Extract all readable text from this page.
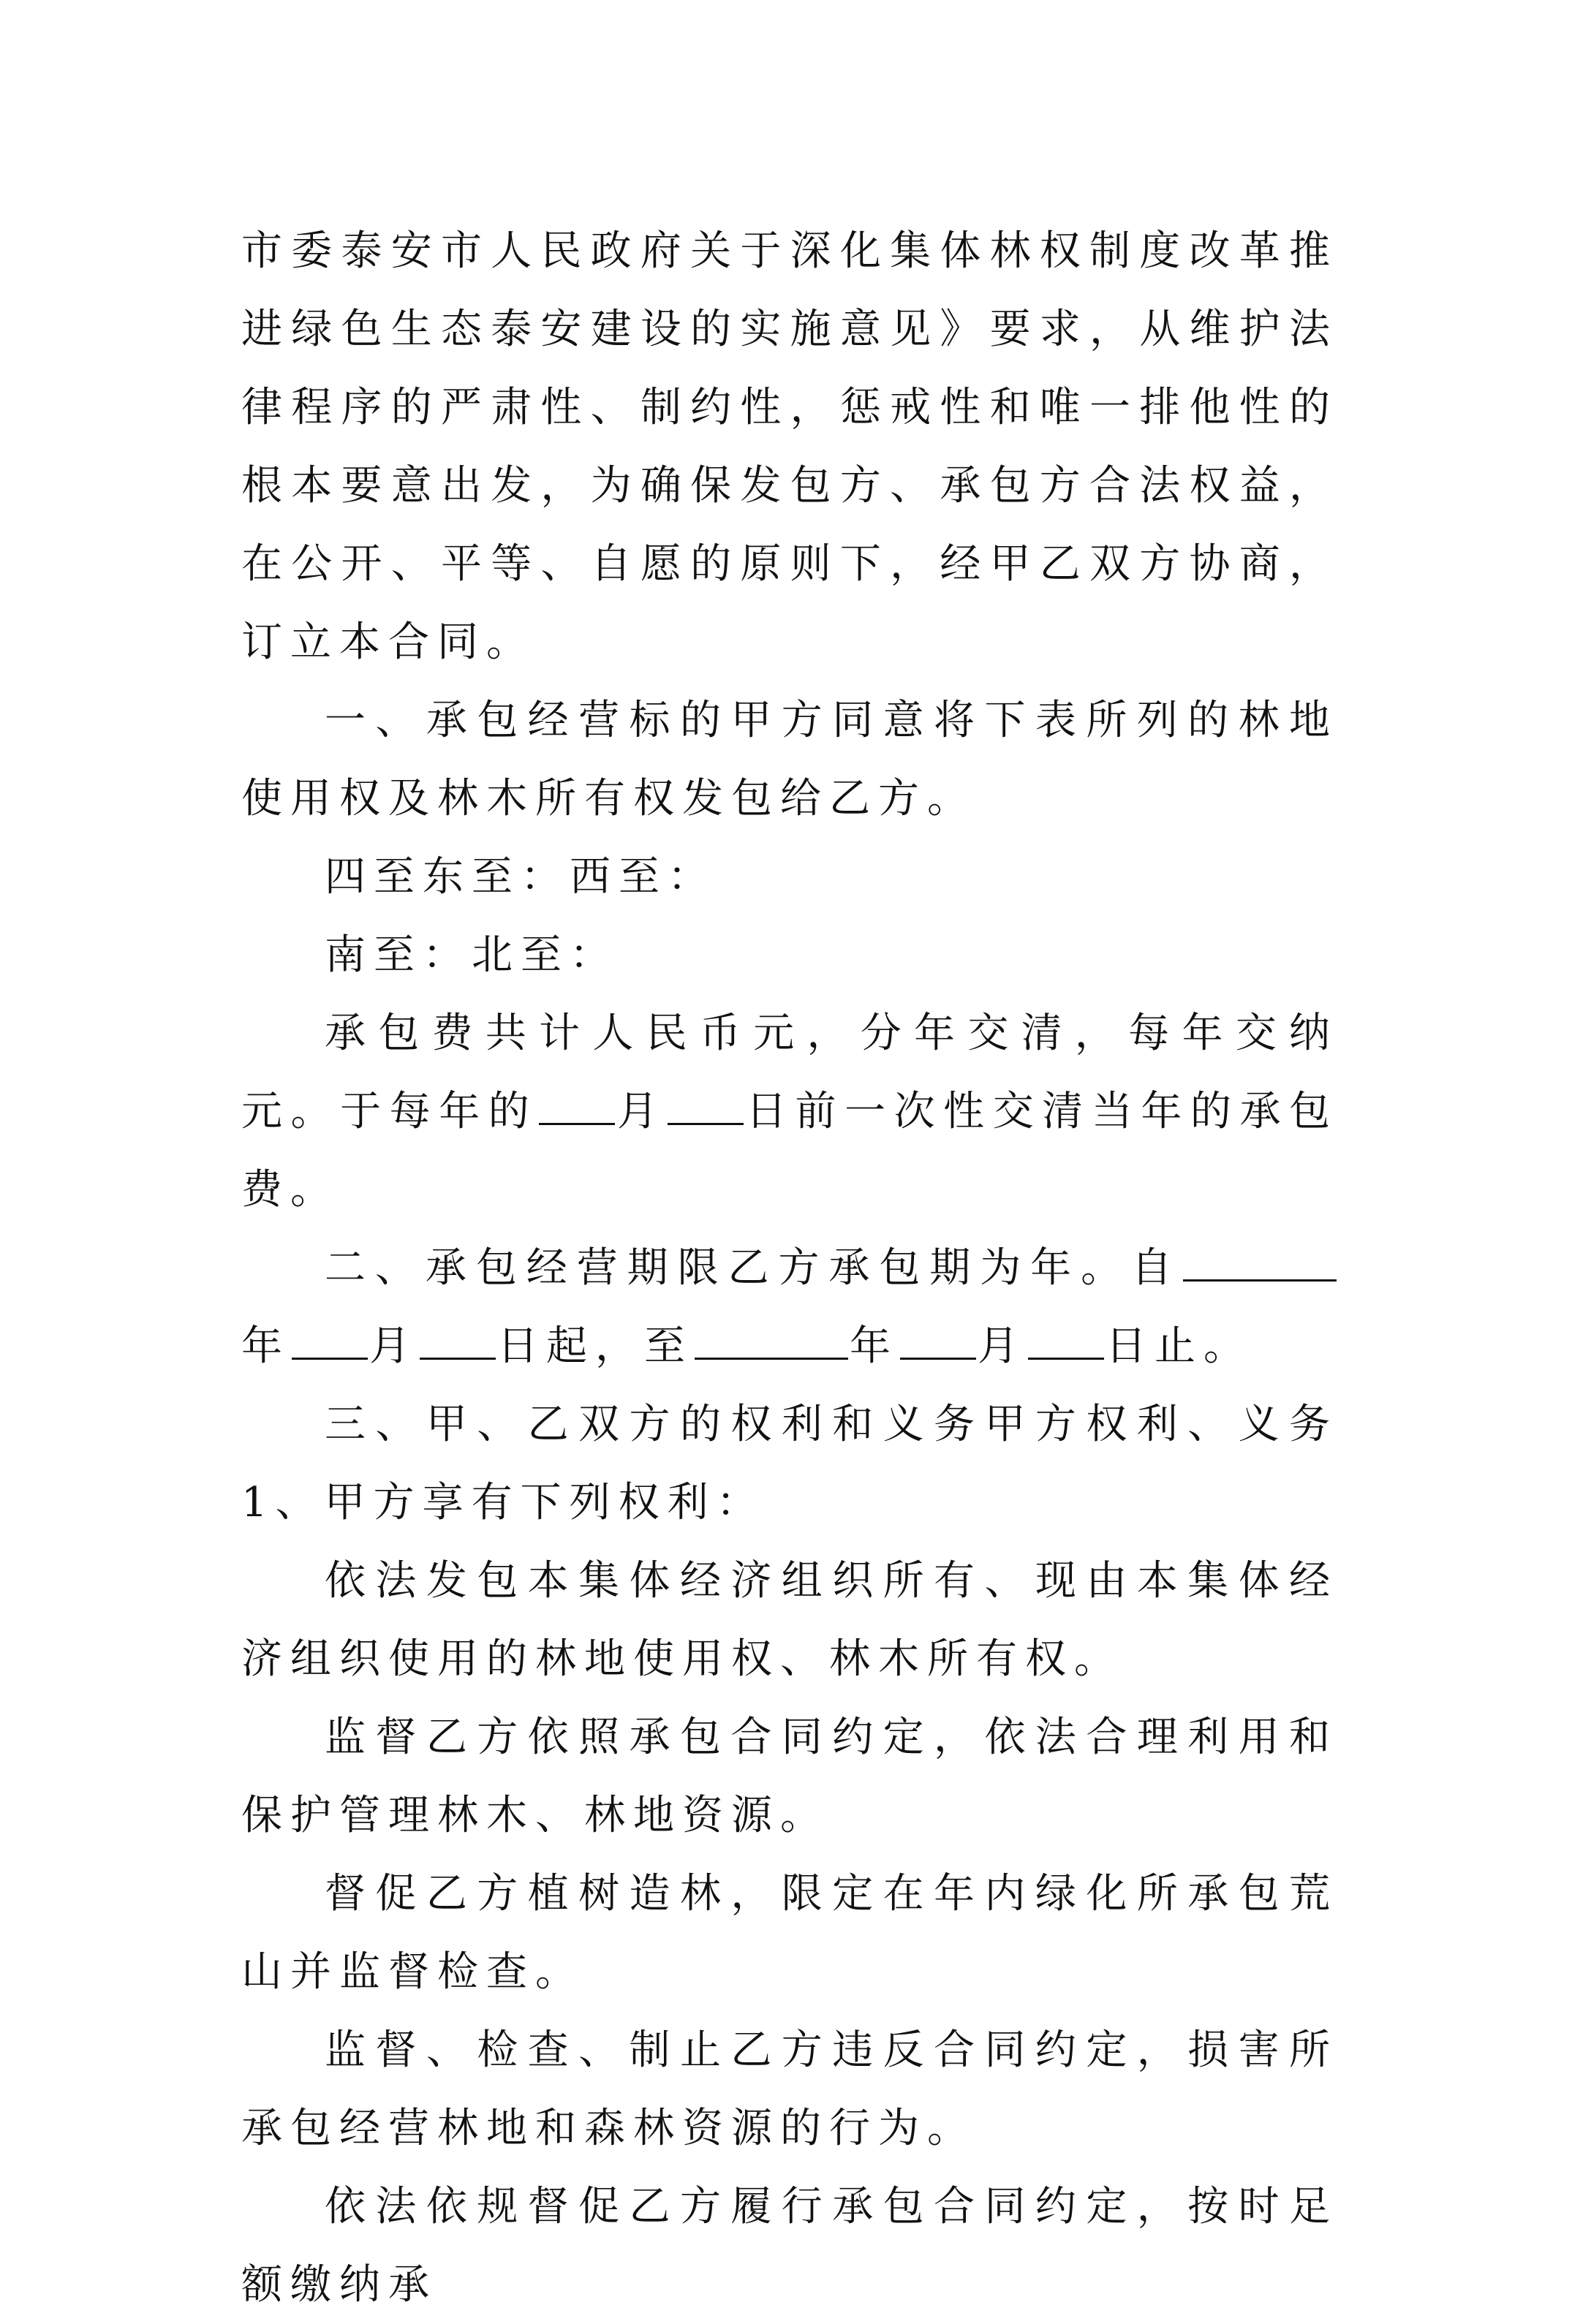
市委泰安市人民政府关于深化集体林权制度改革推进绿色生态泰安建设的实施意见》要求，从维护法律程序的严肃性、制约性，惩戒性和唯一排他性的根本要意出发，为确保发包方、承包方合法权益，在公开、平等、自愿的原则下，经甲乙双方协商，订立本合同。

一、承包经营标的甲方同意将下表所列的林地使用权及林木所有权发包给乙方。

四至东至：西至：

南至：北至：

承包费共计人民币元，分年交清，每年交纳元。于每年的 月 日前一次性交清当年的承包费。

二、承包经营期限乙方承包期为年。自年 月 日起，至	年 月 日止。

三、甲、乙双方的权利和义务甲方权利、义务1、甲方享有下列权利：

依法发包本集体经济组织所有、现由本集体经济组织使用的林地使用权、林木所有权。

监督乙方依照承包合同约定，依法合理利用和保护管理林木、林地资源。

督促乙方植树造林，限定在年内绿化所承包荒山并监督检查。

监督、检查、制止乙方违反合同约定，损害所承包经营林地和森林资源的行为。

依法依规督促乙方履行承包合同约定，按时足额缴纳承
